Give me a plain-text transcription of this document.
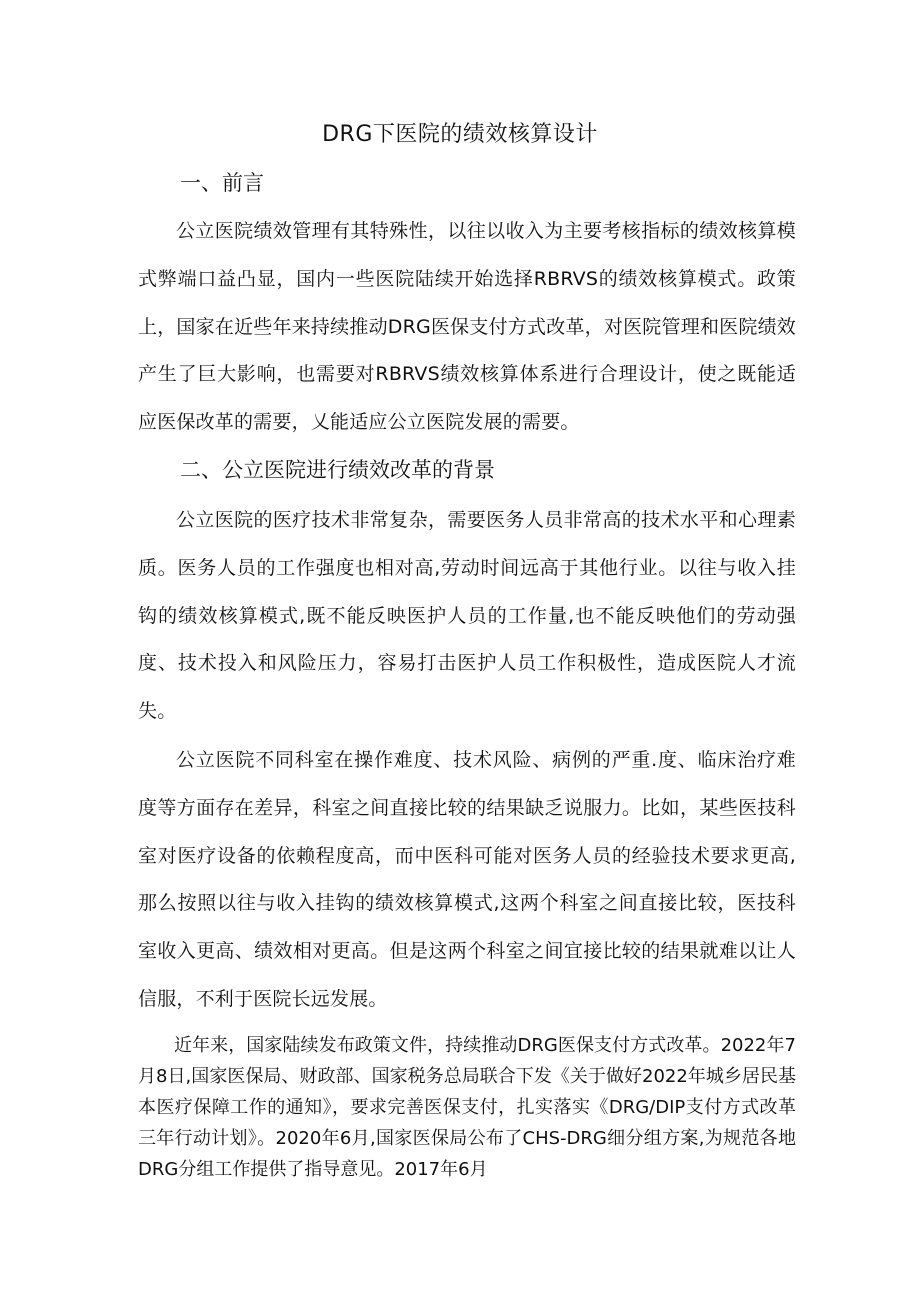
DRG下医院的绩效核算设计
一、前言
公立医院绩效管理有其特殊性，以往以收入为主要考核指标的绩效核算模式弊端口益凸显，国内一些医院陆续开始选择RBRVS的绩效核算模式。政策上，国家在近些年来持续推动DRG医保支付方式改革，对医院管理和医院绩效产生了巨大影响，也需要对RBRVS绩效核算体系进行合理设计，使之既能适应医保改革的需要，乂能适应公立医院发展的需要。
二、公立医院进行绩效改革的背景
公立医院的医疗技术非常复杂，需要医务人员非常高的技术水平和心理素质。医务人员的工作强度也相对高,劳动时间远高于其他行业。以往与收入挂钩的绩效核算模式,既不能反映医护人员的工作量,也不能反映他们的劳动强度、技术投入和风险压力，容易打击医护人员工作积极性，造成医院人才流失。
公立医院不同科室在操作难度、技术风险、病例的严重.度、临床治疗难度等方面存在差异，科室之间直接比较的结果缺乏说服力。比如，某些医技科室对医疗设备的依赖程度高，而中医科可能对医务人员的经验技术要求更高,那么按照以往与收入挂钩的绩效核算模式,这两个科室之间直接比较，医技科室收入更高、绩效相对更高。但是这两个科室之间宜接比较的结果就难以让人信服，不利于医院长远发展。
近年来，国家陆续发布政策文件，持续推动DRG医保支付方式改革。2022年7月8日,国家医保局、财政部、国家税务总局联合下发《关于做好2022年城乡居民基本医疗保障工作的通知》，要求完善医保支付，扎实落实《DRG/DIP支付方式改革三年行动计划》。2020年6月,国家医保局公布了CHS-DRG细分组方案,为规范各地DRG分组工作提供了指导意见。2017年6月
